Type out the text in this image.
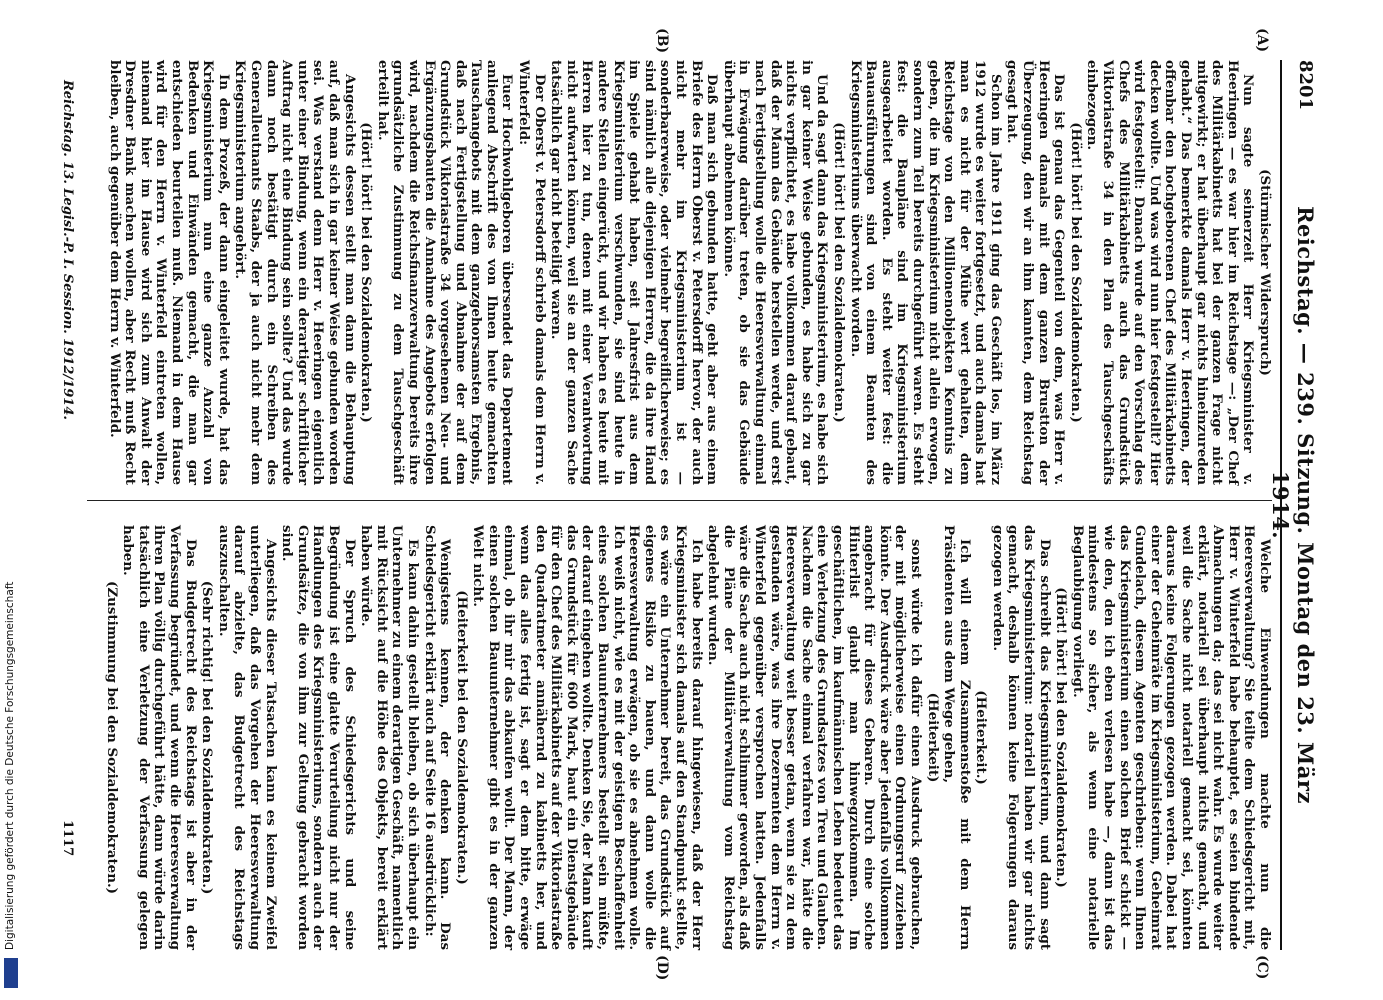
8201
Reichstag. — 239. Sitzung. Montag den 23. März 1914.
(A)
(B)
(C)
(D)

(Stürmischer Widerspruch)

Nun sagte seinerzeit Herr Kriegsminister v. Heeringen — es war hier im Reichstage —: „Der Chef des Militärkabinetts hat bei der ganzen Frage nicht mitgewirkt; er hat überhaupt gar nichts hineinzureden gehabt.“ Das bemerkte damals Herr v. Heeringen, der offenbar den hochgeborenen Chef des Militärkabinetts decken wollte. Und was wird nun hier festgestellt? Hier wird festgestellt: Danach wurde auf den Vorschlag des Chefs des Militärkabinetts auch das Grundstück Viktoriastraße 34 in den Plan des Tauschgeschäfts einbezogen.

(Hört! hört! bei den Sozialdemokraten.)

Das ist genau das Gegenteil von dem, was Herr v. Heeringen damals mit dem ganzen Brustton der Überzeugung, den wir an ihm kannten, dem Reichstag gesagt hat.

Schon im Jahre 1911 ging das Geschäft los, im März 1912 wurde es weiter fortgesetzt, und auch damals hat man es nicht für der Mühe wert gehalten, dem Reichstage von den Millionenobjekten Kenntnis zu geben, die im Kriegsministerium nicht allein erwogen, sondern zum Teil bereits durchgeführt waren. Es steht fest: die Baupläne sind im Kriegsministerium ausgearbeitet worden. Es steht weiter fest: die Bauausführungen sind von einem Beamten des Kriegsministeriums überwacht worden.

(Hört! hört! bei den Sozialdemokraten.)

Und da sagt dann das Kriegsministerium, es habe sich in gar keiner Weise gebunden, es habe sich zu gar nichts verpflichtet, es habe vollkommen darauf gebaut, daß der Mann das Gebäude herstellen werde, und erst nach Fertigstellung wolle die Heeresverwaltung einmal in Erwägung darüber treten, ob sie das Gebäude überhaupt abnehmen könne.

Daß man sich gebunden hatte, geht aber aus einem Briefe des Herrn Oberst v. Petersdorff hervor, der auch nicht mehr im Kriegsministerium ist — sonderbarerweise, oder vielmehr begreiflicherweise; es sind nämlich alle diejenigen Herren, die da ihre Hand im Spiele gehabt haben, seit Jahresfrist aus dem Kriegsministerium verschwunden, sie sind heute in andere Stellen eingerückt, und wir haben es heute mit Herren hier zu tun, denen mit einer Verantwortung nicht aufwarten können, weil sie an der ganzen Sache tatsächlich gar nicht beteiligt waren.

Der Oberst v. Petersdorff schrieb damals dem Herrn v. Winterfeld:

Euer Hochwohlgeboren übersendet das Departement anliegend Abschrift des von Ihnen heute gemachten Tauschangebots mit dem ganzgehorsamsten Ergebnis, daß nach Fertigstellung und Abnahme der auf dem Grundstück Viktoriastraße 34 vorgesehenen Neu- und Ergänzungsbauten die Annahme des Angebots erfolgen wird, nachdem die Reichsfinanzverwaltung bereits ihre grundsätzliche Zustimmung zu dem Tauschgeschäft erteilt hat.

(Hört! hört! bei den Sozialdemokraten.)

Angesichts dessen stellt man dann die Behauptung auf, daß man sich in gar keiner Weise gebunden worden sei. Was verstand denn Herr v. Heeringen eigentlich unter einer Bindung, wenn ein derartiger schriftlicher Auftrag nicht eine Bindung sein sollte? Und das wurde dann noch bestätigt durch ein Schreiben des Generalleutnants Staabs, der ja auch nicht mehr dem Kriegsministerium angehört.

In dem Prozeß, der dann eingeleitet wurde, hat das Kriegsministerium nun eine ganze Anzahl von Bedenken und Einwänden gemacht, die man gar entschieden beurteilen muß. Niemand in dem Hause wird für den Herrn v. Winterfeld eintreten wollen, niemand hier im Hause wird sich zum Anwalt der Dresdner Bank machen wollen, aber Recht muß Recht bleiben, auch gegenüber dem Herrn v. Winterfeld.

Welche Einwendungen machte nun die Heeresverwaltung? Sie teilte dem Schiedsgericht mit, Herr v. Winterfeld habe behauptet, es seien bindende Abmachungen da; das sei nicht wahr. Es wurde weiter erklärt, notariell sei überhaupt nichts gemacht, und weil die Sache nicht notariell gemacht sei, könnten daraus keine Folgerungen gezogen werden. Dabei hat einer der Geheimräte im Kriegsministerium, Geheimrat Gundelach, diesem Agenten geschrieben: wenn Ihnen das Kriegsministerium einen solchen Brief schickt — wie den, den ich eben verlesen habe —, dann ist das mindestens so sicher, als wenn eine notarielle Beglaubigung vorliegt.

(Hört! hört! bei den Sozialdemokraten.)

Das schreibt das Kriegsministerium, und dann sagt das Kriegsministerium: notariell haben wir gar nichts gemacht, deshalb können keine Folgerungen daraus gezogen werden.

(Heiterkeit.)

Ich will einem Zusammenstoße mit dem Herrn Präsidenten aus dem Wege gehen,

(Heiterkeit)

sonst würde ich dafür einen Ausdruck gebrauchen, der mit möglicherweise einen Ordnungsruf zuziehen könnte. Der Ausdruck wäre aber jedenfalls vollkommen angebracht für dieses Gebaren. Durch eine solche Hinterlist glaubt man hinwegzukommen. Im geschäftlichen, im kaufmännischen Leben bedeutet das eine Verletzung des Grundsatzes von Treu und Glauben. Nachdem die Sache einmal verfahren war, hätte die Heeresverwaltung weit besser getan, wenn sie zu dem gestanden wäre, was ihre Dezernenten dem Herrn v. Winterfeld gegenüber versprochen hatten. Jedenfalls wäre die Sache auch nicht schlimmer geworden, als daß die Pläne der Militärverwaltung vom Reichstag abgelehnt wurden.

Ich habe bereits darauf hingewiesen, daß der Herr Kriegsminister sich damals auf den Standpunkt stellte, es wäre ein Unternehmer bereit, das Grundstück auf eigenes Risiko zu bauen, und dann wolle die Heeresverwaltung erwägen, ob sie es abnehmen wolle. Ich weiß nicht, wie es mit der geistigen Beschaffenheit eines solchen Bauunternehmers bestellt sein müßte, der darauf eingehen wollte. Denken Sie, der Mann kauft das Grundstück für 600 Mark, baut ein Dienstgebäude für den Chef des Militärkabinetts auf der Viktoriastraße den Quadratmeter annähernd zu kabinetts her, und wenn das alles fertig ist, sagt er dem bitte, erwäge einmal, ob ihr mir das abkaufen wollt. Der Mann, der einen solchen Bauunternehmer gibt es in der ganzen Welt nicht.

(Heiterkeit bei den Sozialdemokraten.)

Wenigstens kennen, der denken kann. Das Schiedsgericht erklärt auch auf Seite 16 ausdrücklich:

Es kann dahin gestellt bleiben, ob sich überhaupt ein Unternehmer zu einem derartigen Geschäft, namentlich mit Rücksicht auf die Höhe des Objekts, bereit erklärt haben würde.

Der Spruch des Schiedsgerichts und seine Begründung ist eine glatte Verurteilung nicht nur der Handlungen des Kriegsministeriums, sondern auch der Grundsätze, die von ihm zur Geltung gebracht worden sind.

Angesichts dieser Tatsachen kann es keinem Zweifel unterliegen, daß das Vorgehen der Heeresverwaltung darauf abzielte, das Budgetrecht des Reichstags auszuschalten.

(Sehr richtig! bei den Sozialdemokraten.)

Das Budgetrecht des Reichstags ist aber in der Verfassung begründet, und wenn die Heeresverwaltung ihren Plan völlig durchgeführt hätte, dann würde darin tatsächlich eine Verletzung der Verfassung gelegen haben.

(Zustimmung bei den Sozialdemokraten.)

Reichstag. 13. Legisl.-P. I. Session. 1912/1914.
1117
Digitalisierung gefördert durch die Deutsche Forschungsgemeinschaft
